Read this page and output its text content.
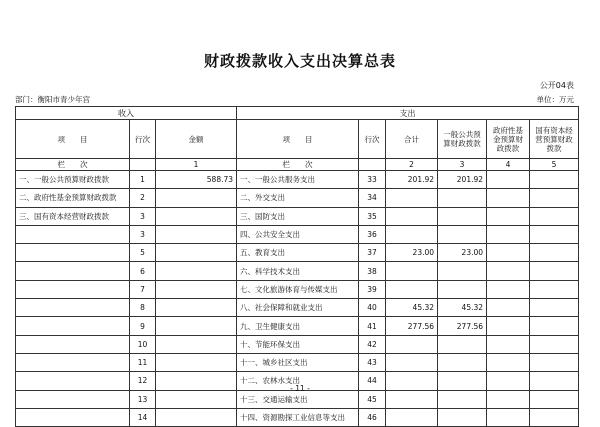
财政拨款收入支出决算总表
公开04表
部门：衡阳市青少年宫	单位：万元
收入			支出					
项　　目	行次	金额	项　　目	行次	合计	一般公共预算财政拨款	政府性基金预算财政拨款	国有资本经营预算财政拨款
栏　　次		1	栏　　次		2	3	4	5
一、一般公共预算财政拨款	1	588.73	一、一般公共服务支出	33	201.92	201.92		
二、政府性基金预算财政拨款	2		二、外交支出	34				
三、国有资本经营财政拨款	3		三、国防支出	35				
	3		四、公共安全支出	36				
	5		五、教育支出	37	23.00	23.00		
	6		六、科学技术支出	38				
	7		七、文化旅游体育与传媒支出	39				
	8		八、社会保障和就业支出	40	45.32	45.32		
	9		九、卫生健康支出	41	277.56	277.56		
	10		十、节能环保支出	42				
	11		十一、城乡社区支出	43				
	12		十二、农林水支出	44				
	13		十三、交通运输支出	45				
	14		十四、资源勘探工业信息等支出	46				
- 11 -
